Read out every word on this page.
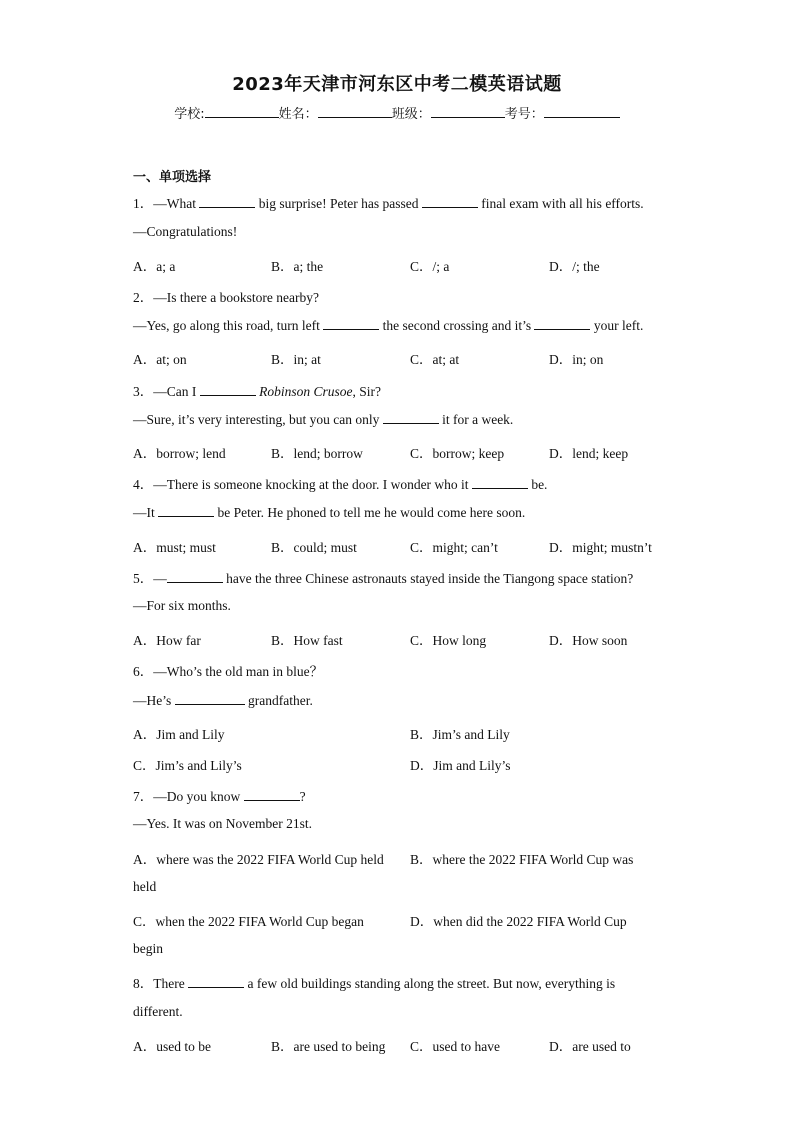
2023年天津市河东区中考二模英语试题
学校:	姓名：	班级：	考号：
一、单项选择
1．—What	big surprise! Peter has passed	final exam with all his efforts.
—Congratulations!
A．a; a	B．a; the	C．/; a	D．/; the
2．—Is there a bookstore nearby?
—Yes, go along this road, turn left	the second crossing and it’s	your left.
A．at; on	B．in; at	C．at; at	D．in; on
3．—Can I	Robinson Crusoe, Sir?
—Sure, it’s very interesting, but you can only	it for a week.
A．borrow; lend	B．lend; borrow	C．borrow; keep	D．lend; keep
4．—There is someone knocking at the door. I wonder who it	be.
—It	be Peter. He phoned to tell me he would come here soon.
A．must; must	B．could; must	C．might; can’t	D．might; mustn’t
5．—	have the three Chinese astronauts stayed inside the Tiangong space station?
—For six months.
A．How far	B．How fast	C．How long	D．How soon
6．—Who’s the old man in blue？
—He’s	grandfather.
A．Jim and Lily	B．Jim’s and Lily
C．Jim’s and Lily’s	D．Jim and Lily’s
7．—Do you know	?
—Yes. It was on November 21st.
A．where was the 2022 FIFA World Cup held B．where the 2022 FIFA World Cup was
held
C．when the 2022 FIFA World Cup began	D．when did the 2022 FIFA World Cup
begin
8．There	a few old buildings standing along the street. But now, everything is
different.
A．used to be	B．are used to being C．used to have	D．are used to
